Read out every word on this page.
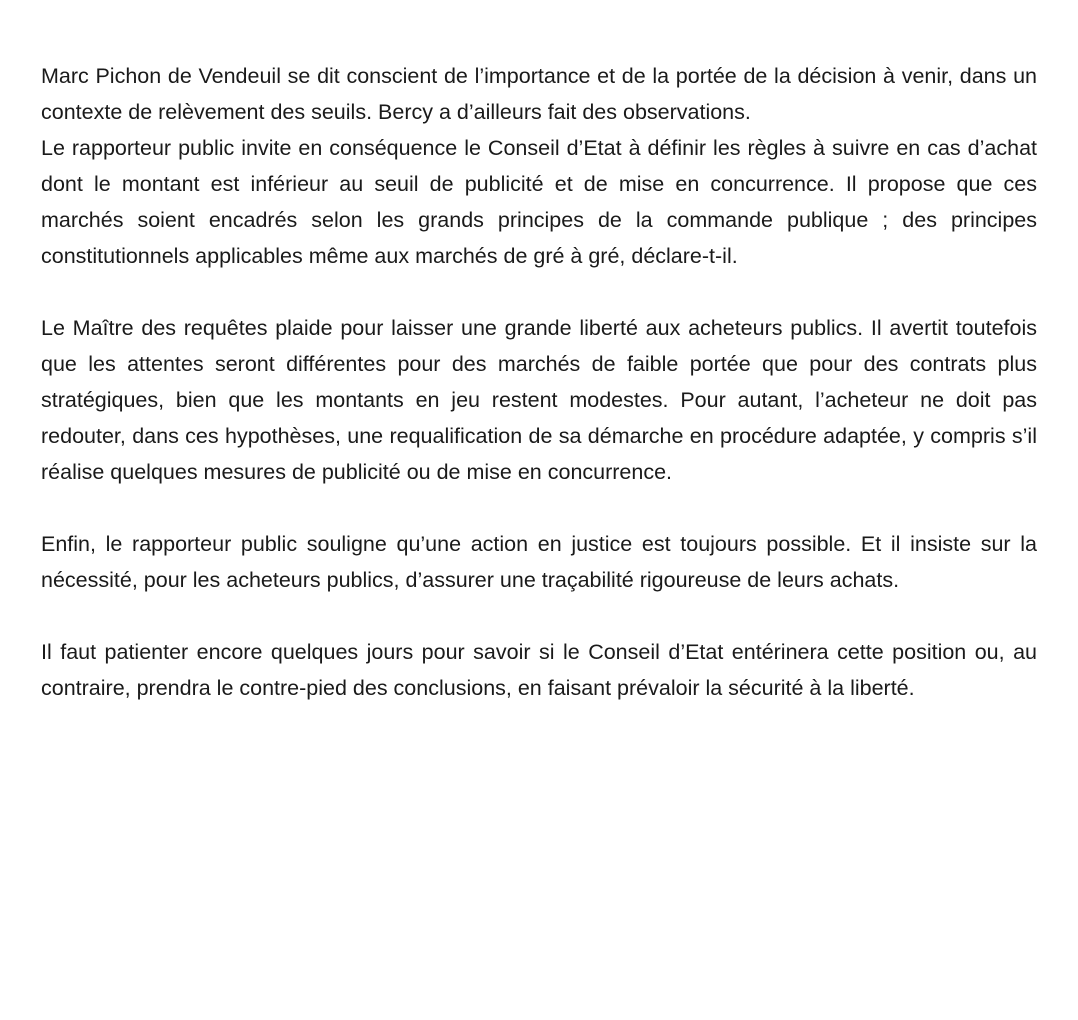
Marc Pichon de Vendeuil se dit conscient de l’importance et de la portée de la décision à venir, dans un contexte de relèvement des seuils. Bercy a d’ailleurs fait des observations.

Le rapporteur public invite en conséquence le Conseil d’Etat à définir les règles à suivre en cas d’achat dont le montant est inférieur au seuil de publicité et de mise en concurrence. Il propose que ces marchés soient encadrés selon les grands principes de la commande publique ; des principes constitutionnels applicables même aux marchés de gré à gré, déclare-t-il.

Le Maître des requêtes plaide pour laisser une grande liberté aux acheteurs publics. Il avertit toutefois que les attentes seront différentes pour des marchés de faible portée que pour des contrats plus stratégiques, bien que les montants en jeu restent modestes. Pour autant, l’acheteur ne doit pas redouter, dans ces hypothèses, une requalification de sa démarche en procédure adaptée, y compris s’il réalise quelques mesures de publicité ou de mise en concurrence.

Enfin, le rapporteur public souligne qu’une action en justice est toujours possible. Et il insiste sur la nécessité, pour les acheteurs publics, d’assurer une traçabilité rigoureuse de leurs achats.

Il faut patienter encore quelques jours pour savoir si le Conseil d’Etat entérinera cette position ou, au contraire, prendra le contre-pied des conclusions, en faisant prévaloir la sécurité à la liberté.
